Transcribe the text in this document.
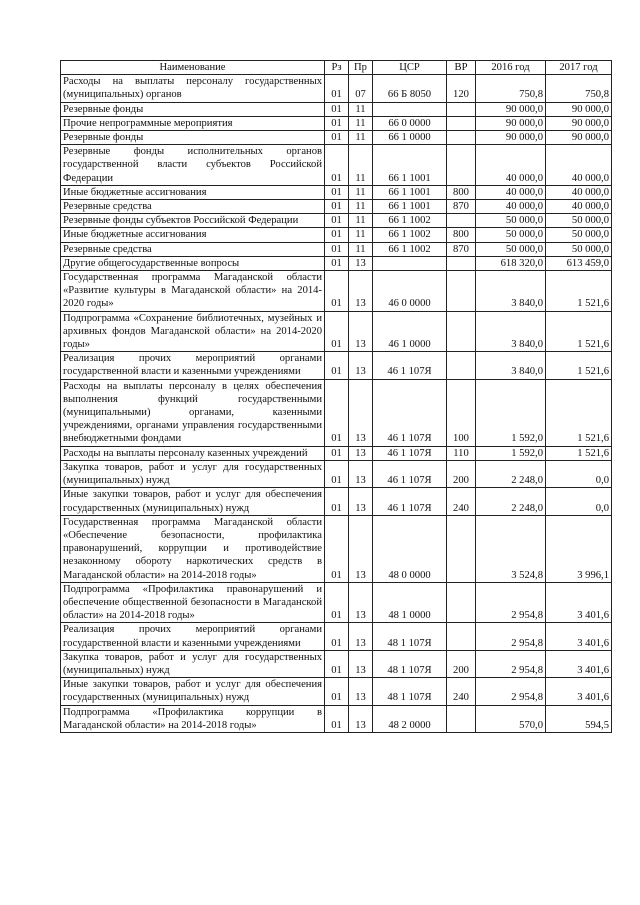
Наименование	Рз	Пр	ЦСР	ВР	2016 год	2017 год
Расходы на выплаты персоналу государственных (муниципальных) органов	01	07	66 Б 8050	120	750,8	750,8
Резервные фонды	01	11			90 000,0	90 000,0
Прочие непрограммные мероприятия	01	11	66 0 0000		90 000,0	90 000,0
Резервные фонды	01	11	66 1 0000		90 000,0	90 000,0
Резервные фонды исполнительных органов государственной власти субъектов Российской Федерации	01	11	66 1 1001		40 000,0	40 000,0
Иные бюджетные ассигнования	01	11	66 1 1001	800	40 000,0	40 000,0
Резервные средства	01	11	66 1 1001	870	40 000,0	40 000,0
Резервные фонды субъектов Российской Федерации	01	11	66 1 1002		50 000,0	50 000,0
Иные бюджетные ассигнования	01	11	66 1 1002	800	50 000,0	50 000,0
Резервные средства	01	11	66 1 1002	870	50 000,0	50 000,0
Другие общегосударственные вопросы	01	13			618 320,0	613 459,0
Государственная программа Магаданской области «Развитие культуры в Магаданской области» на 2014-2020 годы»	01	13	46 0 0000		3 840,0	1 521,6
Подпрограмма «Сохранение библиотечных, музейных и архивных фондов Магаданской области» на 2014-2020 годы»	01	13	46 1 0000		3 840,0	1 521,6
Реализация прочих мероприятий органами государственной власти и казенными учреждениями	01	13	46 1 107Я		3 840,0	1 521,6
Расходы на выплаты персоналу в целях обеспечения выполнения функций государственными (муниципальными) органами, казенными учреждениями, органами управления государственными внебюджетными фондами	01	13	46 1 107Я	100	1 592,0	1 521,6
Расходы на выплаты персоналу казенных учреждений	01	13	46 1 107Я	110	1 592,0	1 521,6
Закупка товаров, работ и услуг для государственных (муниципальных) нужд	01	13	46 1 107Я	200	2 248,0	0,0
Иные закупки товаров, работ и услуг для обеспечения государственных (муниципальных) нужд	01	13	46 1 107Я	240	2 248,0	0,0
Государственная программа Магаданской области «Обеспечение безопасности, профилактика правонарушений, коррупции и противодействие незаконному обороту наркотических средств в Магаданской области» на 2014-2018 годы»	01	13	48 0 0000		3 524,8	3 996,1
Подпрограмма «Профилактика правонарушений и обеспечение общественной безопасности в Магаданской области» на 2014-2018 годы»	01	13	48 1 0000		2 954,8	3 401,6
Реализация прочих мероприятий органами государственной власти и казенными учреждениями	01	13	48 1 107Я		2 954,8	3 401,6
Закупка товаров, работ и услуг для государственных (муниципальных) нужд	01	13	48 1 107Я	200	2 954,8	3 401,6
Иные закупки товаров, работ и услуг для обеспечения государственных (муниципальных) нужд	01	13	48 1 107Я	240	2 954,8	3 401,6
Подпрограмма «Профилактика коррупции в Магаданской области» на 2014-2018 годы»	01	13	48 2 0000		570,0	594,5
